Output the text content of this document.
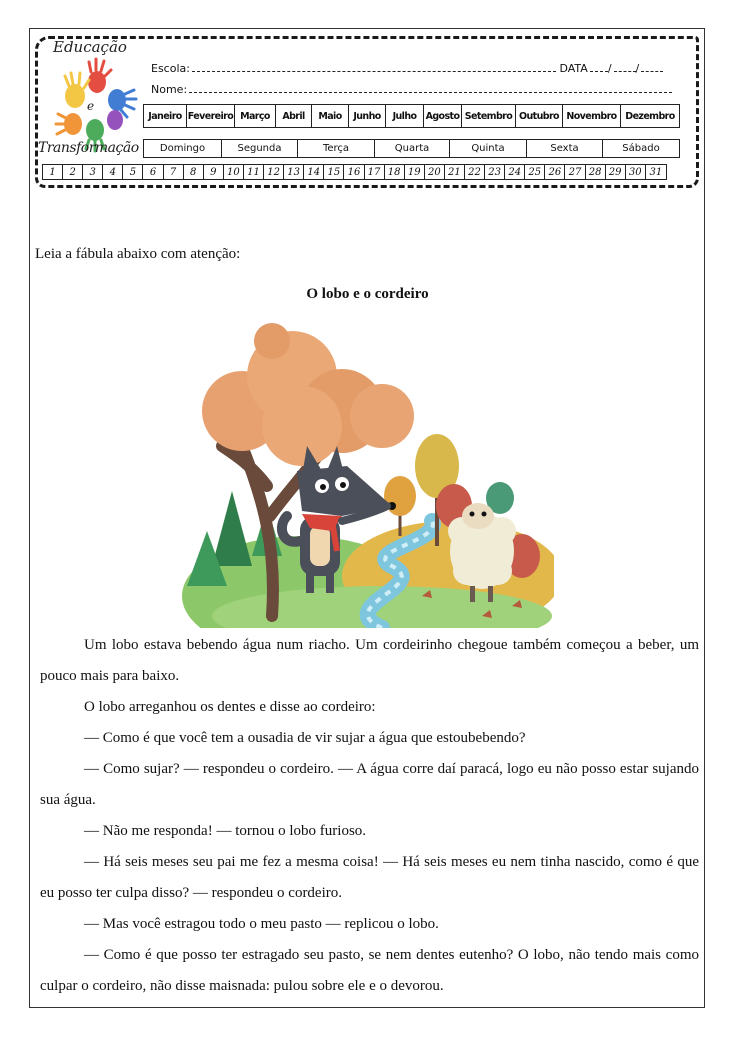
e
Educação
Transformação
Escola:	DATA / /
Nome:
Janeiro Fevereiro Março	Abril	Maio	Junho	Julho Agosto Setembro Outubro Novembro Dezembro
Domingo	Segunda	Terça	Quarta	Quinta	Sexta	Sábado
1	2	3	4	5	6	7	8	9	10 11 12 13 14 15 16 17 18 19 20 21 22 23 24 25 26 27 28 29 30 31
Leia a fábula abaixo com atenção:
O lobo e o cordeiro

Um lobo estava bebendo água num riacho. Um cordeirinho chegoue também começou a beber, um pouco mais para baixo.

O lobo arreganhou os dentes e disse ao cordeiro:

— Como é que você tem a ousadia de vir sujar a água que estoubebendo?

— Como sujar? — respondeu o cordeiro. — A água corre daí paracá, logo eu não posso estar sujando sua água.

— Não me responda! — tornou o lobo furioso.

— Há seis meses seu pai me fez a mesma coisa! — Há seis meses eu nem tinha nascido, como é que eu posso ter culpa disso? — respondeu o cordeiro.

— Mas você estragou todo o meu pasto — replicou o lobo.

— Como é que posso ter estragado seu pasto, se nem dentes eutenho? O lobo, não tendo mais como culpar o cordeiro, não disse maisnada: pulou sobre ele e o devorou.
